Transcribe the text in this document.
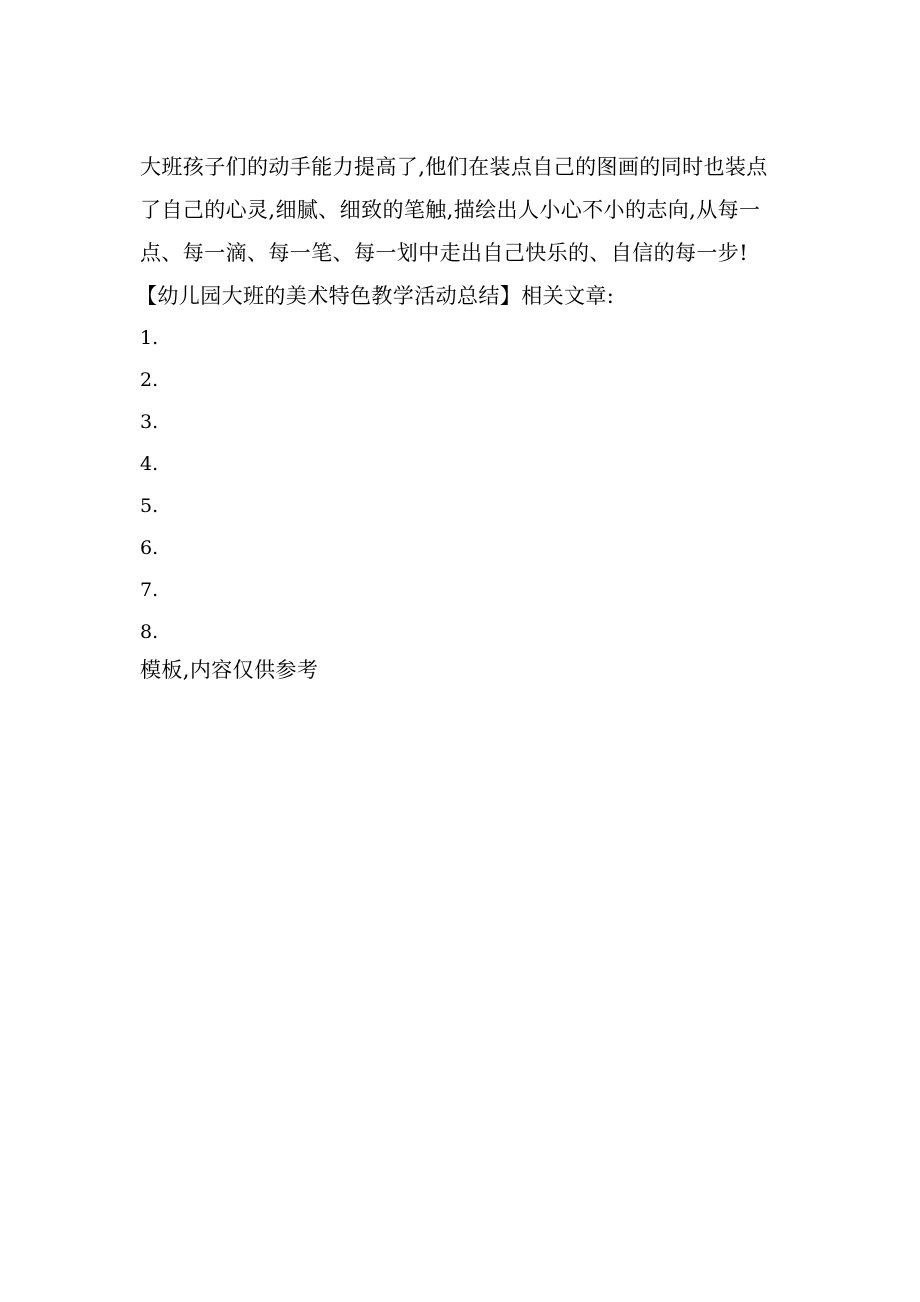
大班孩子们的动手能力提高了,他们在装点自己的图画的同时也装点
了自己的心灵,细腻、细致的笔触,描绘出人小心不小的志向,从每一
点、每一滴、每一笔、每一划中走出自己快乐的、自信的每一步!
【幼儿园大班的美术特色教学活动总结】相关文章:
1.
2.
3.
4.
5.
6.
7.
8.
模板,内容仅供参考
